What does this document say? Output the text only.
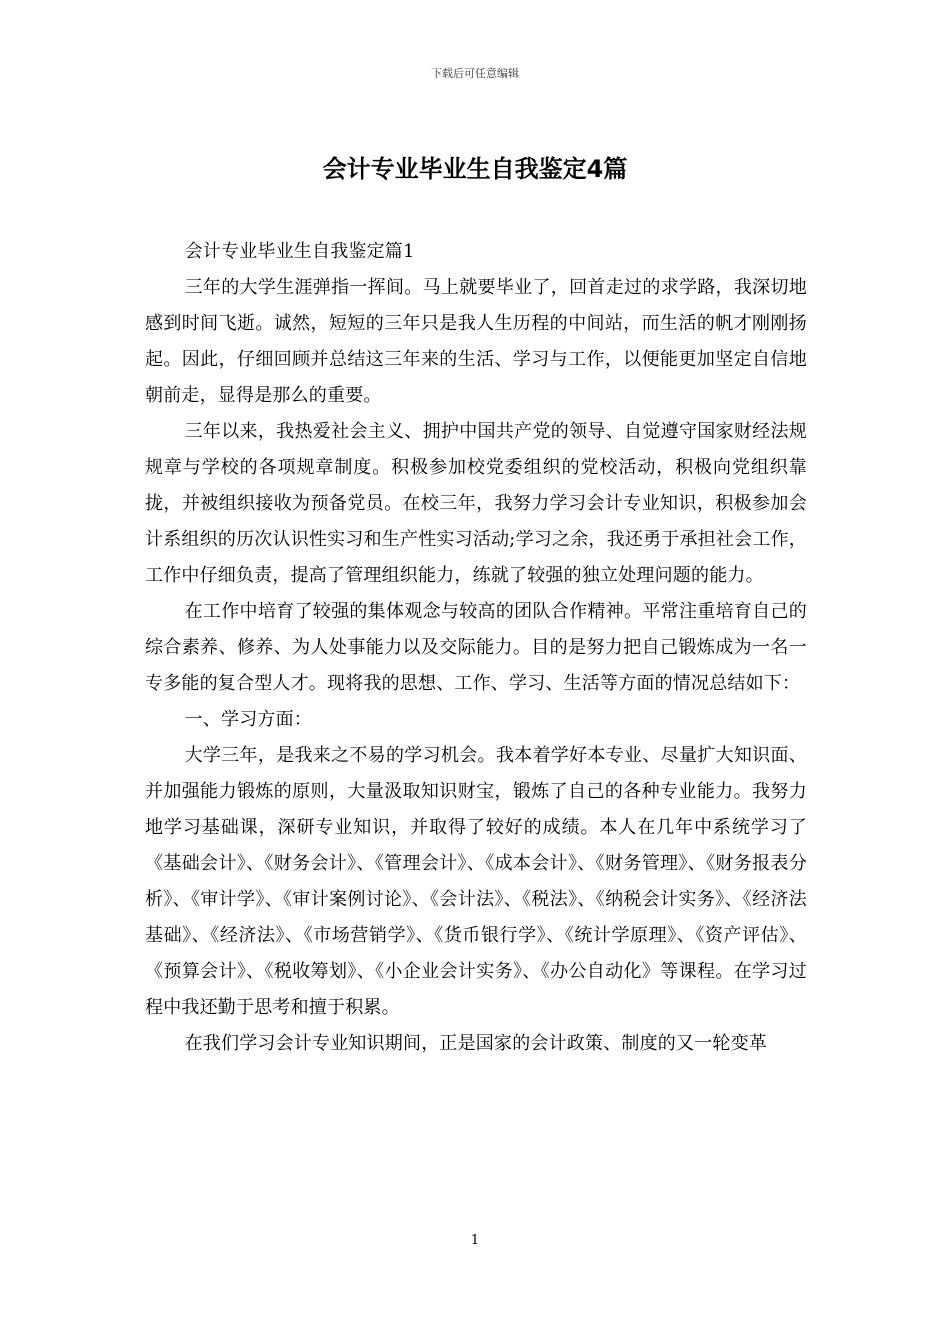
下载后可任意编辑
会计专业毕业生自我鉴定4篇

会计专业毕业生自我鉴定篇1

三年的大学生涯弹指一挥间。马上就要毕业了，回首走过的求学路，我深切地感到时间飞逝。诚然，短短的三年只是我人生历程的中间站，而生活的帆才刚刚扬起。因此，仔细回顾并总结这三年来的生活、学习与工作，以便能更加坚定自信地朝前走，显得是那么的重要。

三年以来，我热爱社会主义、拥护中国共产党的领导、自觉遵守国家财经法规规章与学校的各项规章制度。积极参加校党委组织的党校活动，积极向党组织靠拢，并被组织接收为预备党员。在校三年，我努力学习会计专业知识，积极参加会计系组织的历次认识性实习和生产性实习活动;学习之余，我还勇于承担社会工作，工作中仔细负责，提高了管理组织能力，练就了较强的独立处理问题的能力。

在工作中培育了较强的集体观念与较高的团队合作精神。平常注重培育自己的综合素养、修养、为人处事能力以及交际能力。目的是努力把自己锻炼成为一名一专多能的复合型人才。现将我的思想、工作、学习、生活等方面的情况总结如下：

一、学习方面：

大学三年，是我来之不易的学习机会。我本着学好本专业、尽量扩大知识面、并加强能力锻炼的原则，大量汲取知识财宝，锻炼了自己的各种专业能力。我努力地学习基础课，深研专业知识，并取得了较好的成绩。本人在几年中系统学习了《基础会计》、《财务会计》、《管理会计》、《成本会计》、《财务管理》、《财务报表分析》、《审计学》、《审计案例讨论》、《会计法》、《税法》、《纳税会计实务》、《经济法基础》、《经济法》、《市场营销学》、《货币银行学》、《统计学原理》、《资产评估》、《预算会计》、《税收筹划》、《小企业会计实务》、《办公自动化》等课程。在学习过程中我还勤于思考和擅于积累。

在我们学习会计专业知识期间，正是国家的会计政策、制度的又一轮变革

1
